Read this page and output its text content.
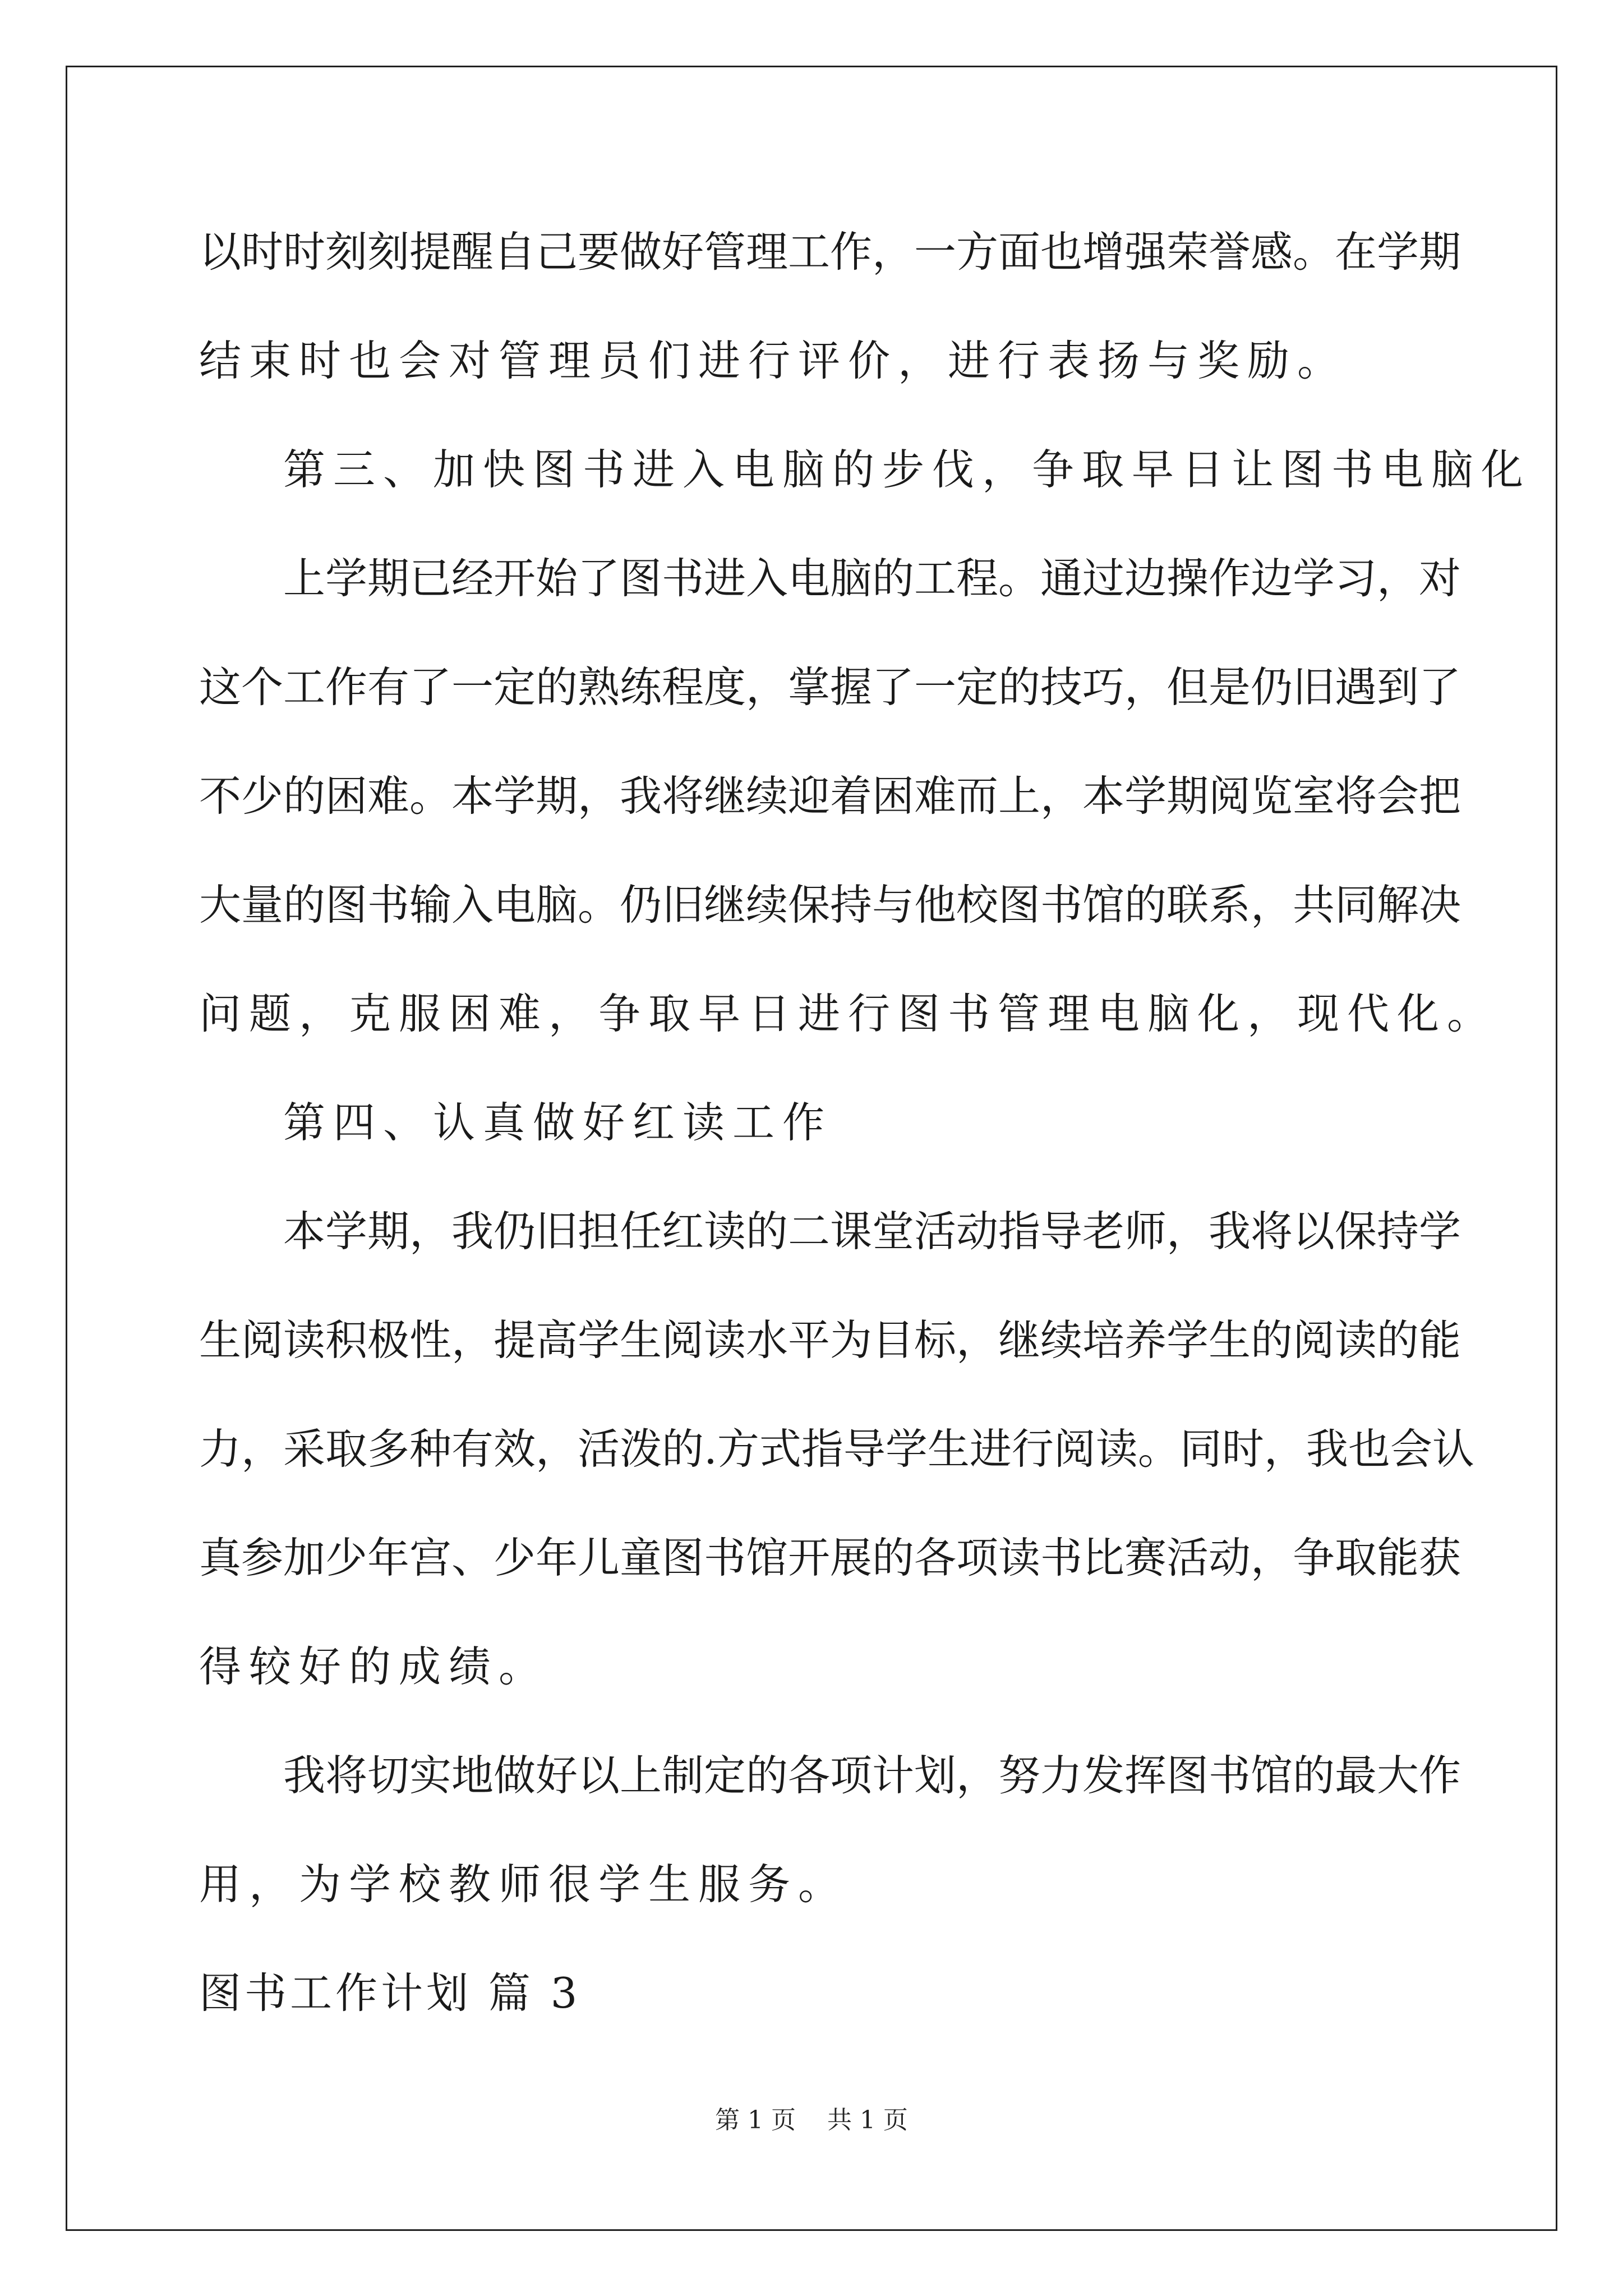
以时时刻刻提醒自己要做好管理工作，一方面也增强荣誉感。在学期
结束时也会对管理员们进行评价，进行表扬与奖励。
第三、加快图书进入电脑的步伐，争取早日让图书电脑化
上学期已经开始了图书进入电脑的工程。通过边操作边学习，对
这个工作有了一定的熟练程度，掌握了一定的技巧，但是仍旧遇到了
不少的困难。本学期，我将继续迎着困难而上，本学期阅览室将会把
大量的图书输入电脑。仍旧继续保持与他校图书馆的联系，共同解决
问题，克服困难，争取早日进行图书管理电脑化，现代化。
第四、认真做好红读工作
本学期，我仍旧担任红读的二课堂活动指导老师，我将以保持学
生阅读积极性，提高学生阅读水平为目标，继续培养学生的阅读的能
力，采取多种有效，活泼的.方式指导学生进行阅读。同时，我也会认
真参加少年宫、少年儿童图书馆开展的各项读书比赛活动，争取能获
得较好的成绩。
我将切实地做好以上制定的各项计划，努力发挥图书馆的最大作
用，为学校教师很学生服务。
图书工作计划 篇 3
第 1 页    共 1 页
